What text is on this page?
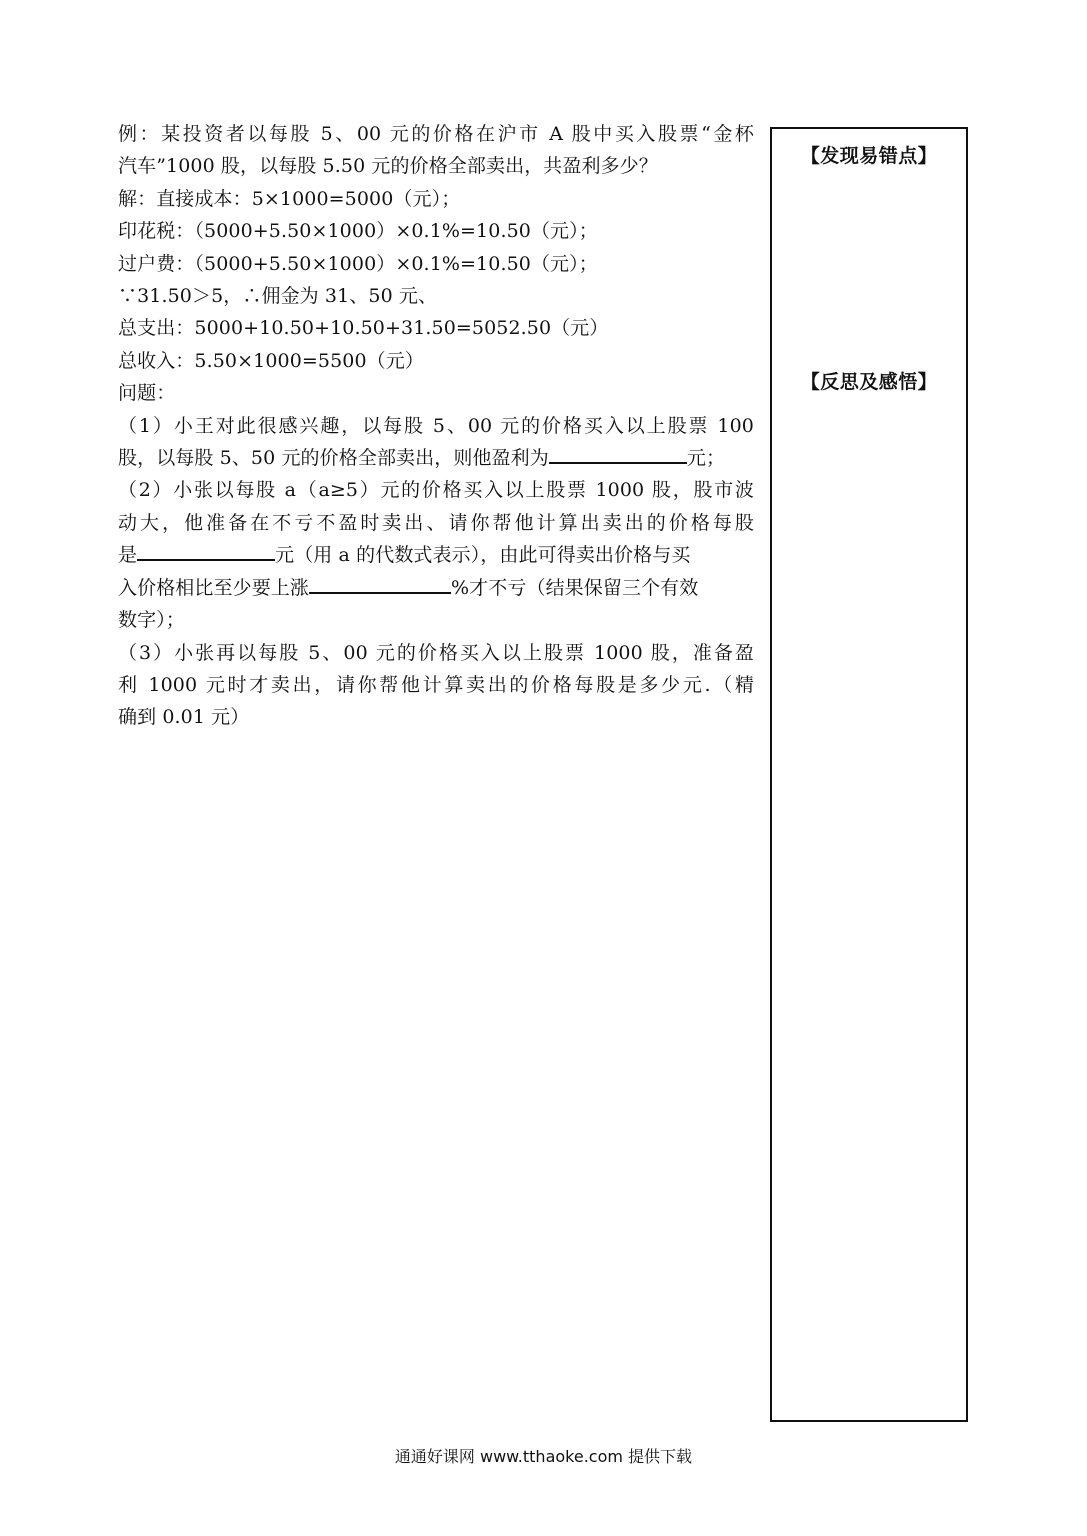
例：某投资者以每股 5、00 元的价格在沪市 A 股中买入股票“金杯
汽车”1000 股，以每股 5.50 元的价格全部卖出，共盈利多少？
解：直接成本：5×1000=5000（元）；
印花税：（5000+5.50×1000）×0.1%=10.50（元）；
过户费：（5000+5.50×1000）×0.1%=10.50（元）；
∵31.50＞5，∴佣金为 31、50 元、
总支出：5000+10.50+10.50+31.50=5052.50（元）
总收入：5.50×1000=5500（元）
问题：
（1）小王对此很感兴趣，以每股 5、00 元的价格买入以上股票 100
股，以每股 5、50 元的价格全部卖出，则他盈利为	元；
（2）小张以每股 a（a≥5）元的价格买入以上股票 1000 股，股市波
动大，他准备在不亏不盈时卖出、请你帮他计算出卖出的价格每股
是	元（用 a 的代数式表示），由此可得卖出价格与买
入价格相比至少要上涨	%才不亏（结果保留三个有效
数字）；
（3）小张再以每股 5、00 元的价格买入以上股票 1000 股，准备盈
利 1000 元时才卖出，请你帮他计算卖出的价格每股是多少元.（精
确到 0.01 元）
【发现易错点】
【反思及感悟】
通通好课网 www.tthaoke.com 提供下载
